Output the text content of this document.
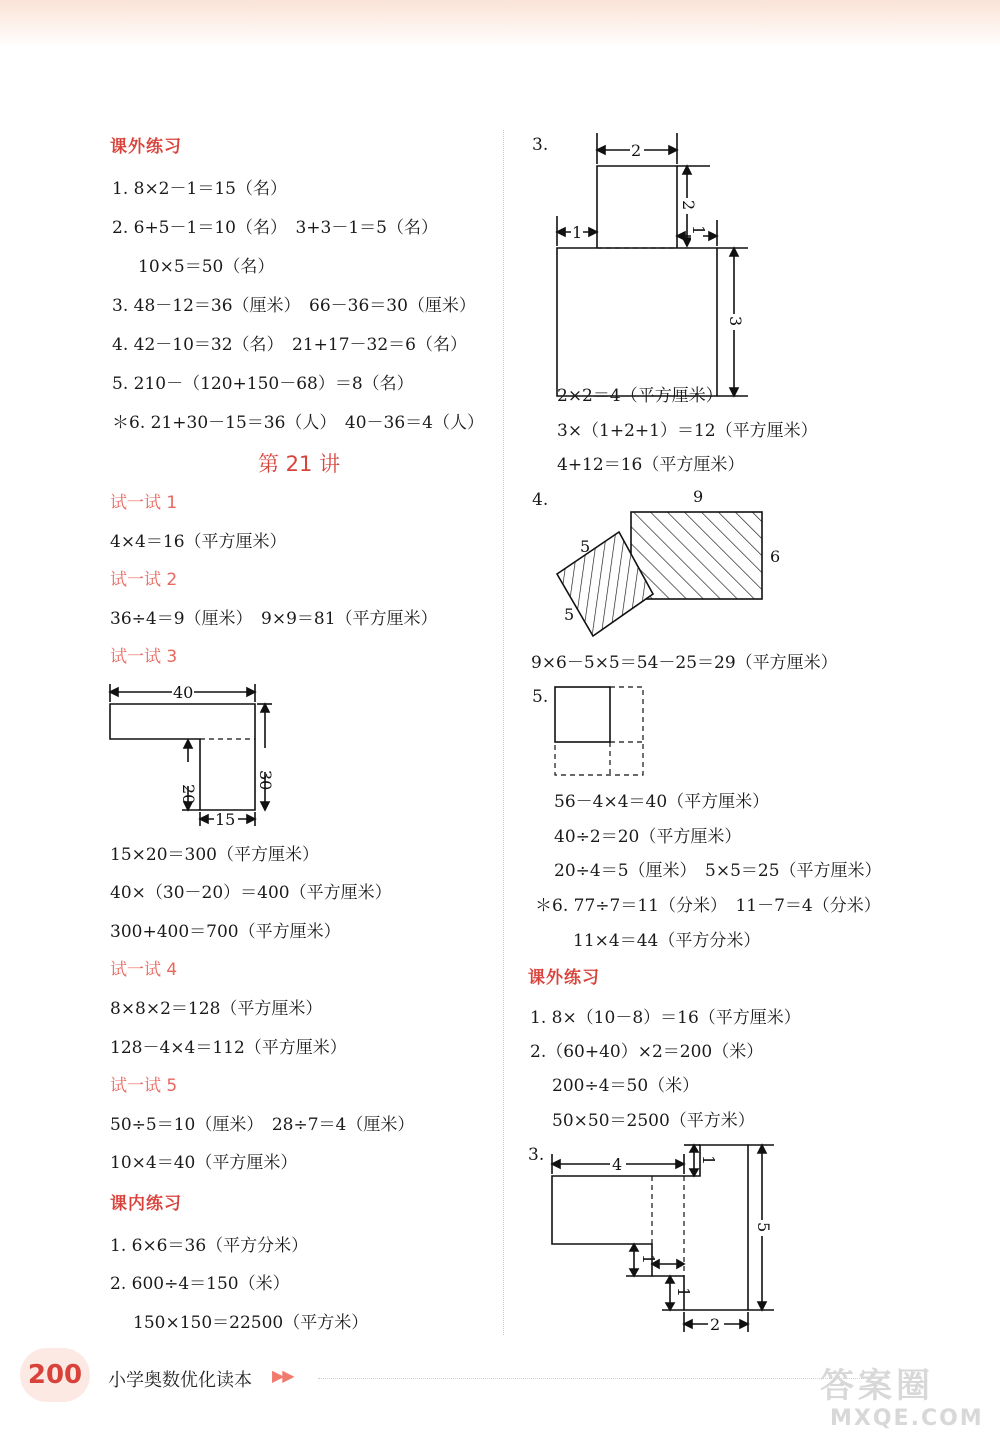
课外练习
1. 8×2－1＝15（名）
2. 6+5－1＝10（名）　3+3－1＝5（名）
10×5＝50（名）
3. 48－12＝36（厘米）　66－36＝30（厘米）
4. 42－10＝32（名）　21+17－32＝6（名）
5. 210－（120+150－68）＝8（名）
＊6. 21+30－15＝36（人）　40－36＝4（人）
第 21 讲
试一试 1
4×4＝16（平方厘米）
试一试 2
36÷4＝9（厘米）　9×9＝81（平方厘米）
试一试 3
40
30
20
15
15×20＝300（平方厘米）
40×（30－20）＝400（平方厘米）
300+400＝700（平方厘米）
试一试 4
8×8×2＝128（平方厘米）
128－4×4＝112（平方厘米）
试一试 5
50÷5＝10（厘米）　28÷7＝4（厘米）
10×4＝40（平方厘米）
课内练习
1. 6×6＝36（平方分米）
2. 600÷4＝150（米）
150×150＝22500（平方米）
3.	2
1
2
1
3
2×2＝4（平方厘米）
3×（1+2+1）＝12（平方厘米）
4+12＝16（平方厘米）
4.	9
6
5
5
9×6－5×5＝54－25＝29（平方厘米）
5.
56－4×4＝40（平方厘米）
40÷2＝20（平方厘米）
20÷4＝5（厘米）　5×5＝25（平方厘米）
＊6. 77÷7＝11（分米）　11－7＝4（分米）
11×4＝44（平方分米）
课外练习
1. 8×（10－8）＝16（平方厘米）
2.（60+40）×2＝200（米）
200÷4＝50（米）
50×50＝2500（平方米）
3.	4	1
1
1
5
2
200	小学奥数优化读本 ▶▶	答案圈
MXQE.COM
